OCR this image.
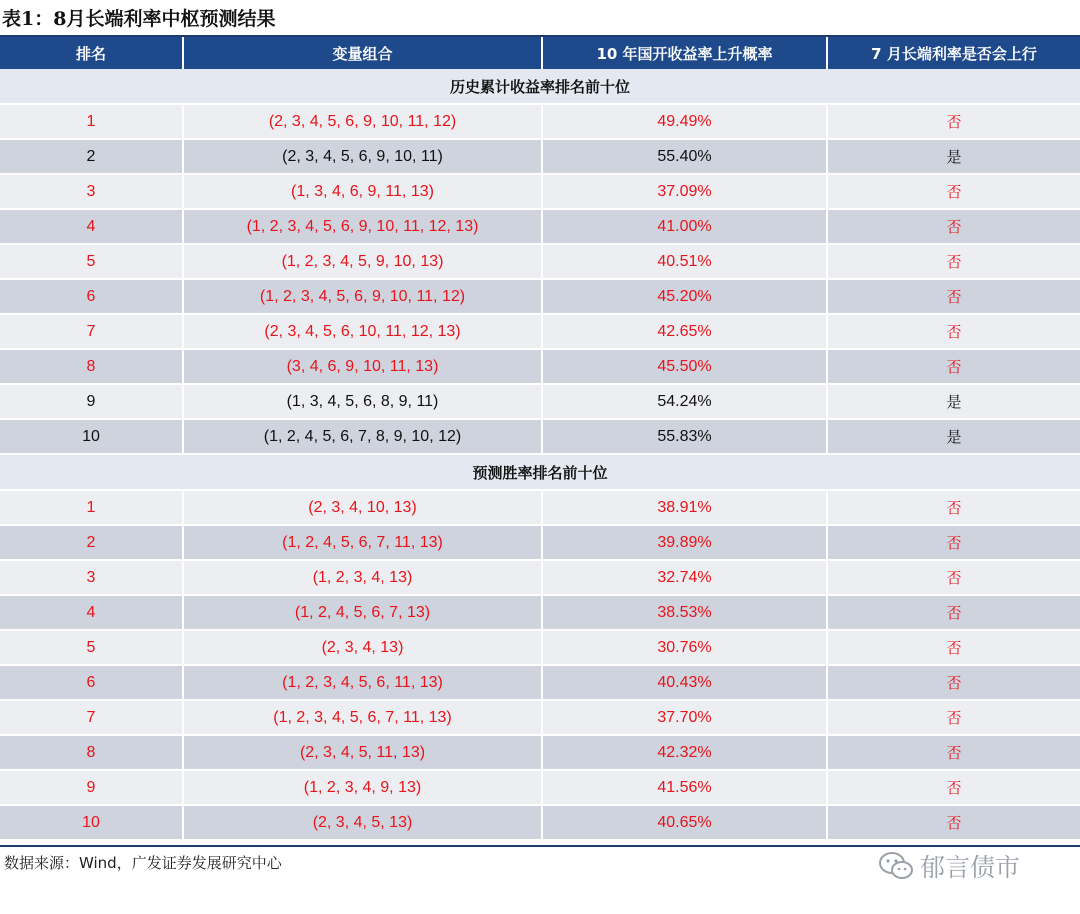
表1：8月长端利率中枢预测结果
排名	变量组合	10 年国开收益率上升概率	7 月长端利率是否会上行
历史累计收益率排名前十位			
1	(2, 3, 4, 5, 6, 9, 10, 11, 12)	49.49%	否
2	(2, 3, 4, 5, 6, 9, 10, 11)	55.40%	是
3	(1, 3, 4, 6, 9, 11, 13)	37.09%	否
4	(1, 2, 3, 4, 5, 6, 9, 10, 11, 12, 13)	41.00%	否
5	(1, 2, 3, 4, 5, 9, 10, 13)	40.51%	否
6	(1, 2, 3, 4, 5, 6, 9, 10, 11, 12)	45.20%	否
7	(2, 3, 4, 5, 6, 10, 11, 12, 13)	42.65%	否
8	(3, 4, 6, 9, 10, 11, 13)	45.50%	否
9	(1, 3, 4, 5, 6, 8, 9, 11)	54.24%	是
10	(1, 2, 4, 5, 6, 7, 8, 9, 10, 12)	55.83%	是
预测胜率排名前十位			
1	(2, 3, 4, 10, 13)	38.91%	否
2	(1, 2, 4, 5, 6, 7, 11, 13)	39.89%	否
3	(1, 2, 3, 4, 13)	32.74%	否
4	(1, 2, 4, 5, 6, 7, 13)	38.53%	否
5	(2, 3, 4, 13)	30.76%	否
6	(1, 2, 3, 4, 5, 6, 11, 13)	40.43%	否
7	(1, 2, 3, 4, 5, 6, 7, 11, 13)	37.70%	否
8	(2, 3, 4, 5, 11, 13)	42.32%	否
9	(1, 2, 3, 4, 9, 13)	41.56%	否
10	(2, 3, 4, 5, 13)	40.65%	否
数据来源：Wind，广发证券发展研究中心	郁言债市
